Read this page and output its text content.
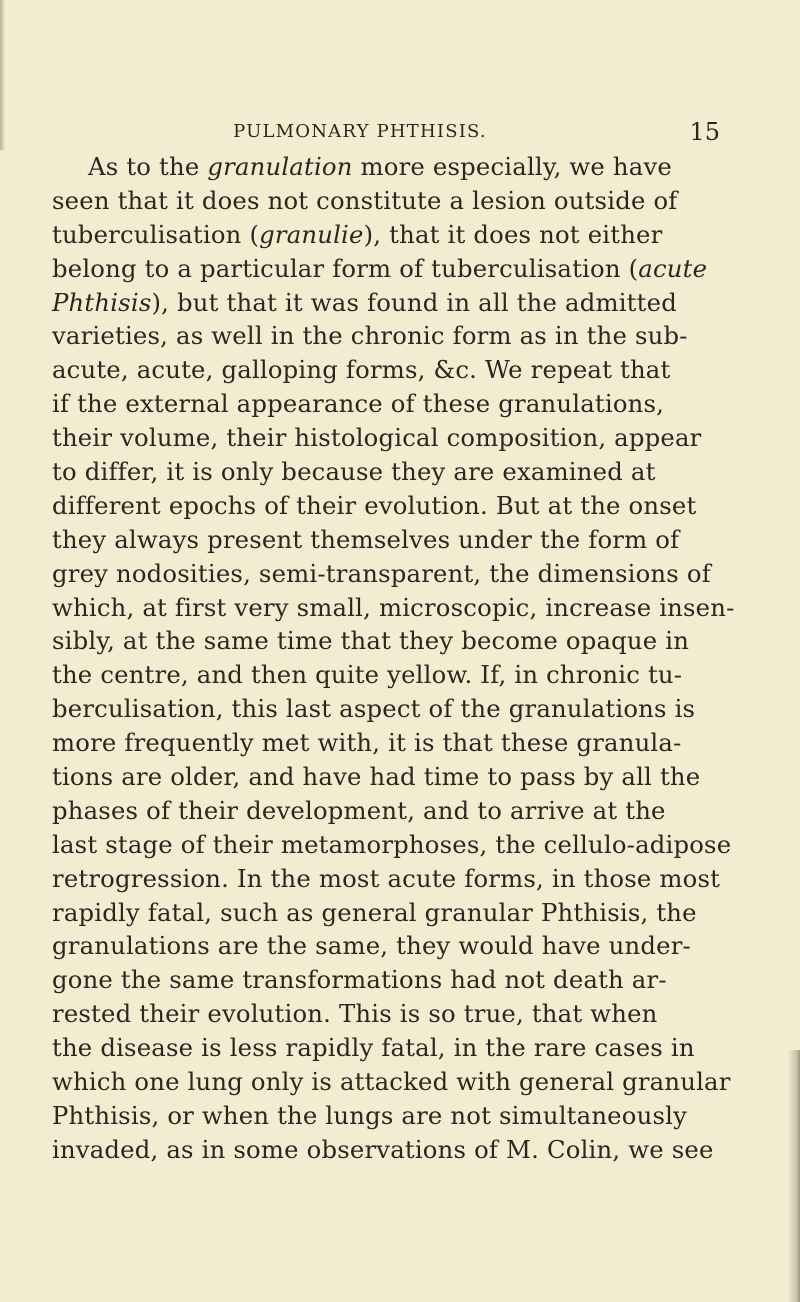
PULMONARY PHTHISIS.	15
As to the granulation more especially, we have
seen that it does not constitute a lesion outside of
tuberculisation (granulie), that it does not either
belong to a particular form of tuberculisation (acute
Phthisis), but that it was found in all the admitted
varieties, as well in the chronic form as in the sub-
acute, acute, galloping forms, &c. We repeat that
if the external appearance of these granulations,
their volume, their histological composition, appear
to differ, it is only because they are examined at
different epochs of their evolution. But at the onset
they always present themselves under the form of
grey nodosities, semi-transparent, the dimensions of
which, at first very small, microscopic, increase insen-
sibly, at the same time that they become opaque in
the centre, and then quite yellow. If, in chronic tu-
berculisation, this last aspect of the granulations is
more frequently met with, it is that these granula-
tions are older, and have had time to pass by all the
phases of their development, and to arrive at the
last stage of their metamorphoses, the cellulo-adipose
retrogression. In the most acute forms, in those most
rapidly fatal, such as general granular Phthisis, the
granulations are the same, they would have under-
gone the same transformations had not death ar-
rested their evolution. This is so true, that when
the disease is less rapidly fatal, in the rare cases in
which one lung only is attacked with general granular
Phthisis, or when the lungs are not simultaneously
invaded, as in some observations of M. Colin, we see
